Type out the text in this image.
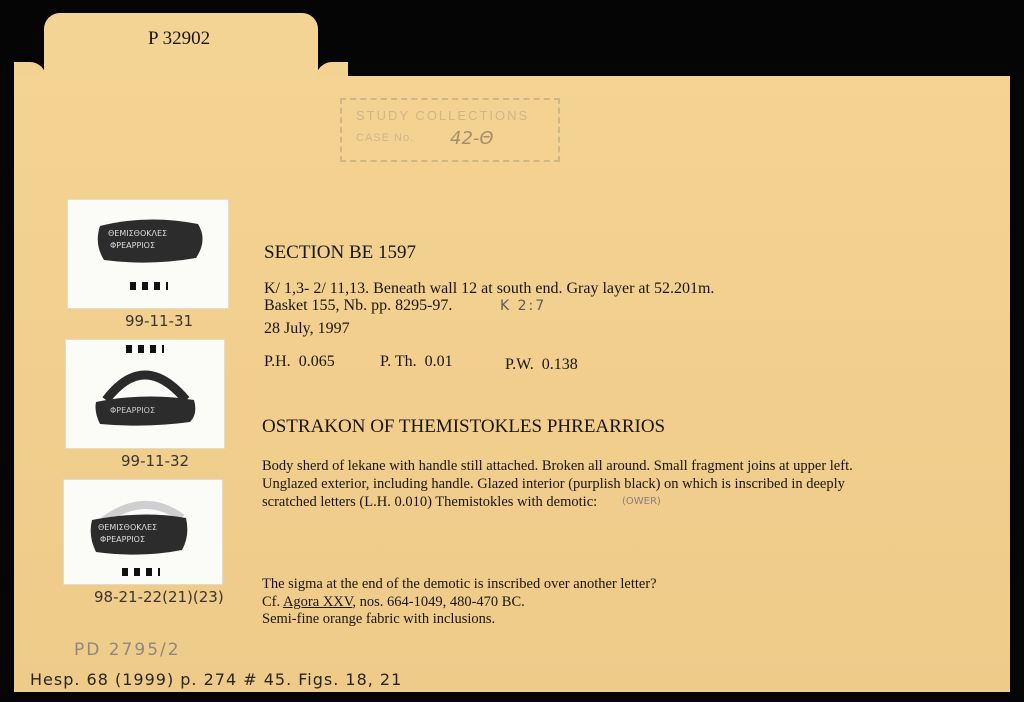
P 32902
STUDY COLLECTIONS
CASE No. 42-Θ
ΘΕΜΙΣΘΟΚΛΕΣ
ΦΡΕΑΡΡΙΟΣ
99-11-31
ΦΡΕΑΡΡΙΟΣ
99-11-32
ΘΕΜΙΣΘΟΚΛΕΣ
ΦΡΕΑΡΡΙΟΣ
98-21-22(21)(23)
SECTION BE 1597
K/ 1,3- 2/ 11,13. Beneath wall 12 at south end. Gray layer at 52.201m.
Basket 155, Nb. pp. 8295-97.	K 2:7
28 July, 1997
P.H. 0.065	P. Th. 0.01	P.W. 0.138
OSTRAKON OF THEMISTOKLES PHREARRIOS
Body sherd of lekane with handle still attached. Broken all around. Small fragment joins at upper left.
Unglazed exterior, including handle. Glazed interior (purplish black) on which is inscribed in deeply
scratched letters (L.H. 0.010) Themistokles with demotic: (OWER)
The sigma at the end of the demotic is inscribed over another letter?
Cf. Agora XXV, nos. 664-1049, 480-470 BC.
Semi-fine orange fabric with inclusions.
PD 2795/2
Hesp. 68 (1999) p. 274 # 45. Figs. 18, 21
